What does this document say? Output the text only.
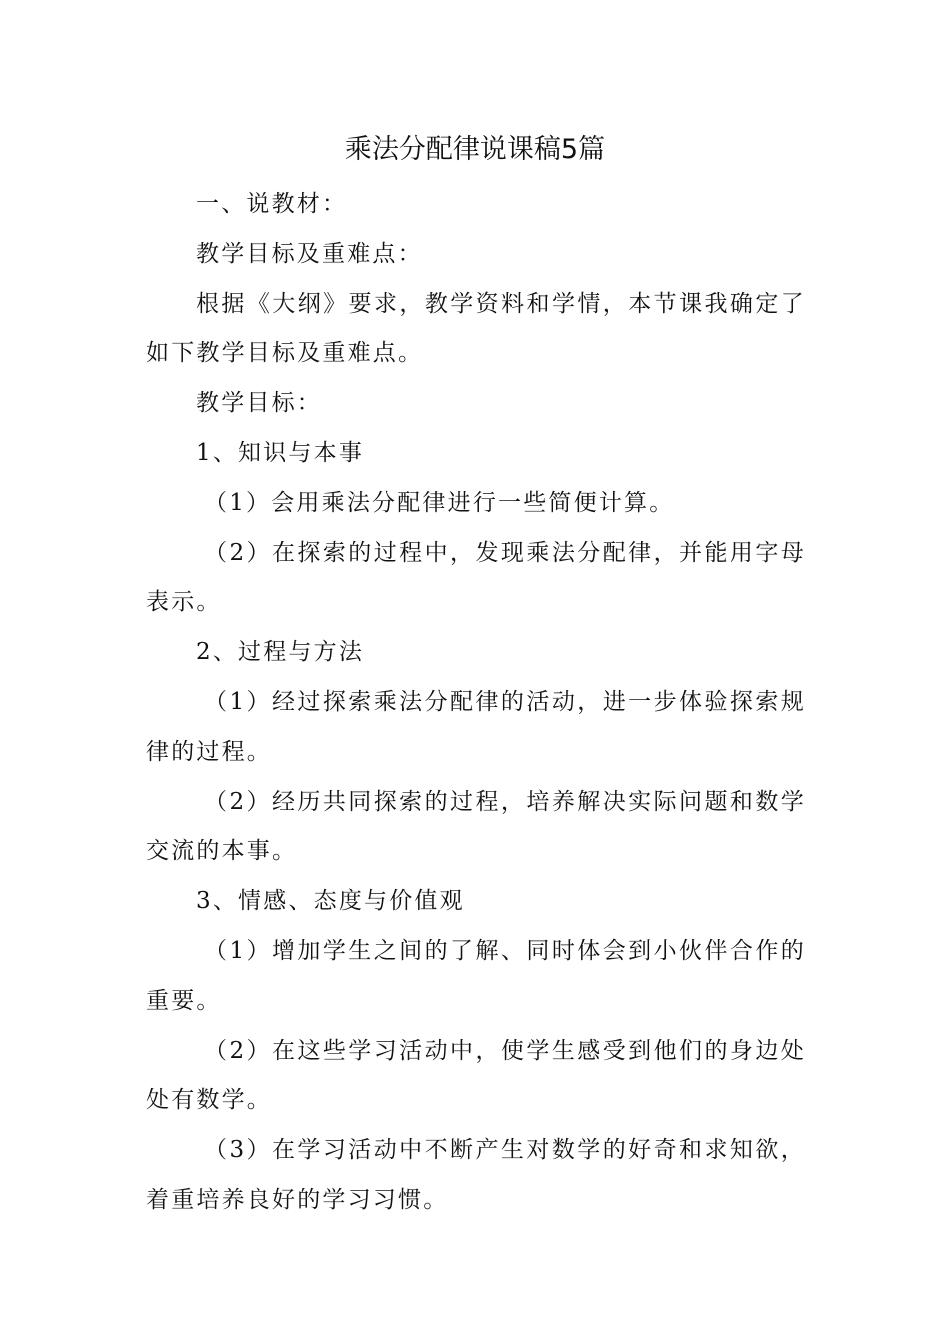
乘法分配律说课稿5篇

一、说教材：

教学目标及重难点：

根据《大纲》要求，教学资料和学情，本节课我确定了如下教学目标及重难点。

教学目标：

1、知识与本事

（1）会用乘法分配律进行一些简便计算。

（2）在探索的过程中，发现乘法分配律，并能用字母表示。

2、过程与方法

（1）经过探索乘法分配律的活动，进一步体验探索规律的过程。

（2）经历共同探索的过程，培养解决实际问题和数学交流的本事。

3、情感、态度与价值观

（1）增加学生之间的了解、同时体会到小伙伴合作的重要。

（2）在这些学习活动中，使学生感受到他们的身边处处有数学。

（3）在学习活动中不断产生对数学的好奇和求知欲，着重培养良好的学习习惯。
